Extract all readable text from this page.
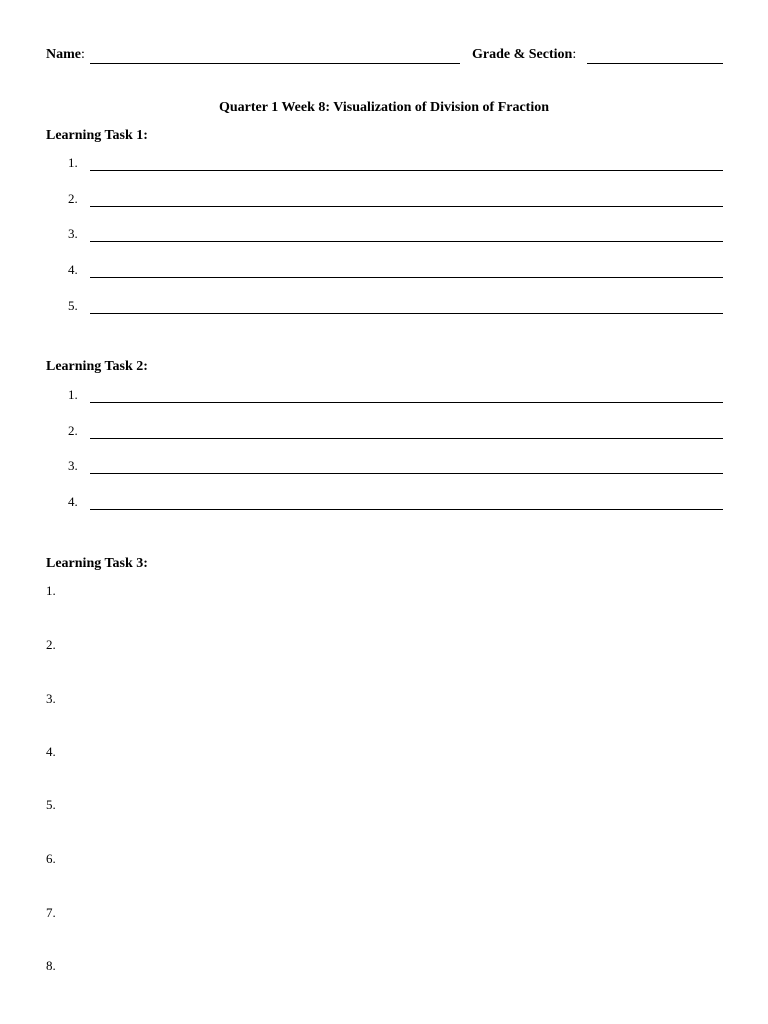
Name:	Grade & Section:
Quarter 1 Week 8: Visualization of Division of Fraction
Learning Task 1:
1.
2.
3.
4.
5.
Learning Task 2:
1.
2.
3.
4.
Learning Task 3:
1.
2.
3.
4.
5.
6.
7.
8.
